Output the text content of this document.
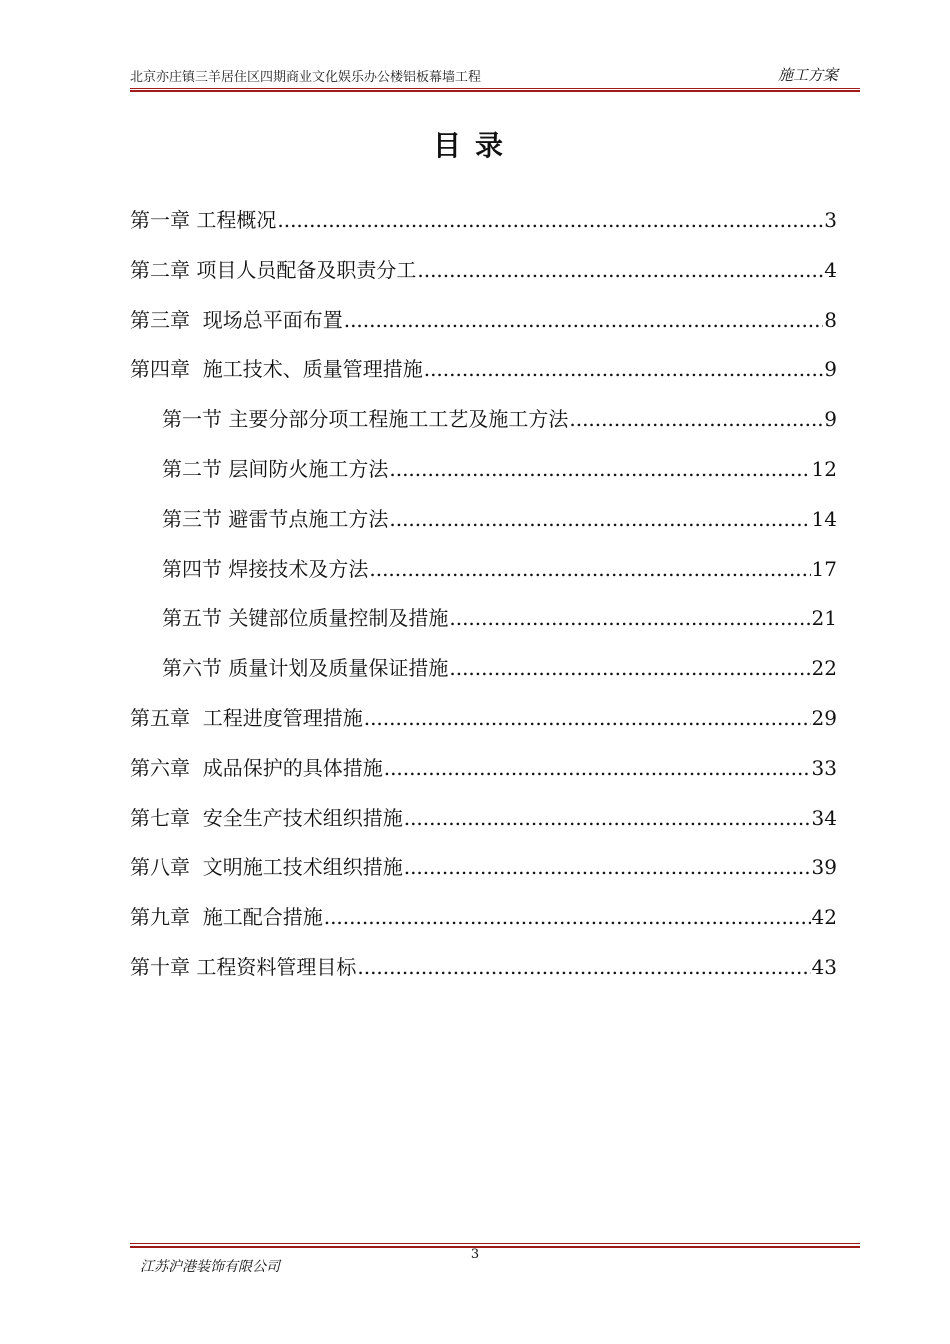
北京亦庄镇三羊居住区四期商业文化娱乐办公楼铝板幕墙工程	施工方案
目录
第一章 工程概况 .....	3
第二章 项目人员配备及职责分工 .....	4
第三章  现场总平面布置 .....	8
第四章  施工技术、质量管理措施 .....	9
第一节 主要分部分项工程施工工艺及施工方法 .....	9
第二节 层间防火施工方法 .....	12
第三节 避雷节点施工方法 .....	14
第四节 焊接技术及方法 .....	17
第五节 关键部位质量控制及措施 .....	21
第六节 质量计划及质量保证措施 .....	22
第五章  工程进度管理措施 .....	29
第六章  成品保护的具体措施 .....	33
第七章  安全生产技术组织措施 .....	34
第八章  文明施工技术组织措施 .....	39
第九章  施工配合措施 .....	42
第十章 工程资料管理目标 .....	43
3
江苏沪港装饰有限公司
